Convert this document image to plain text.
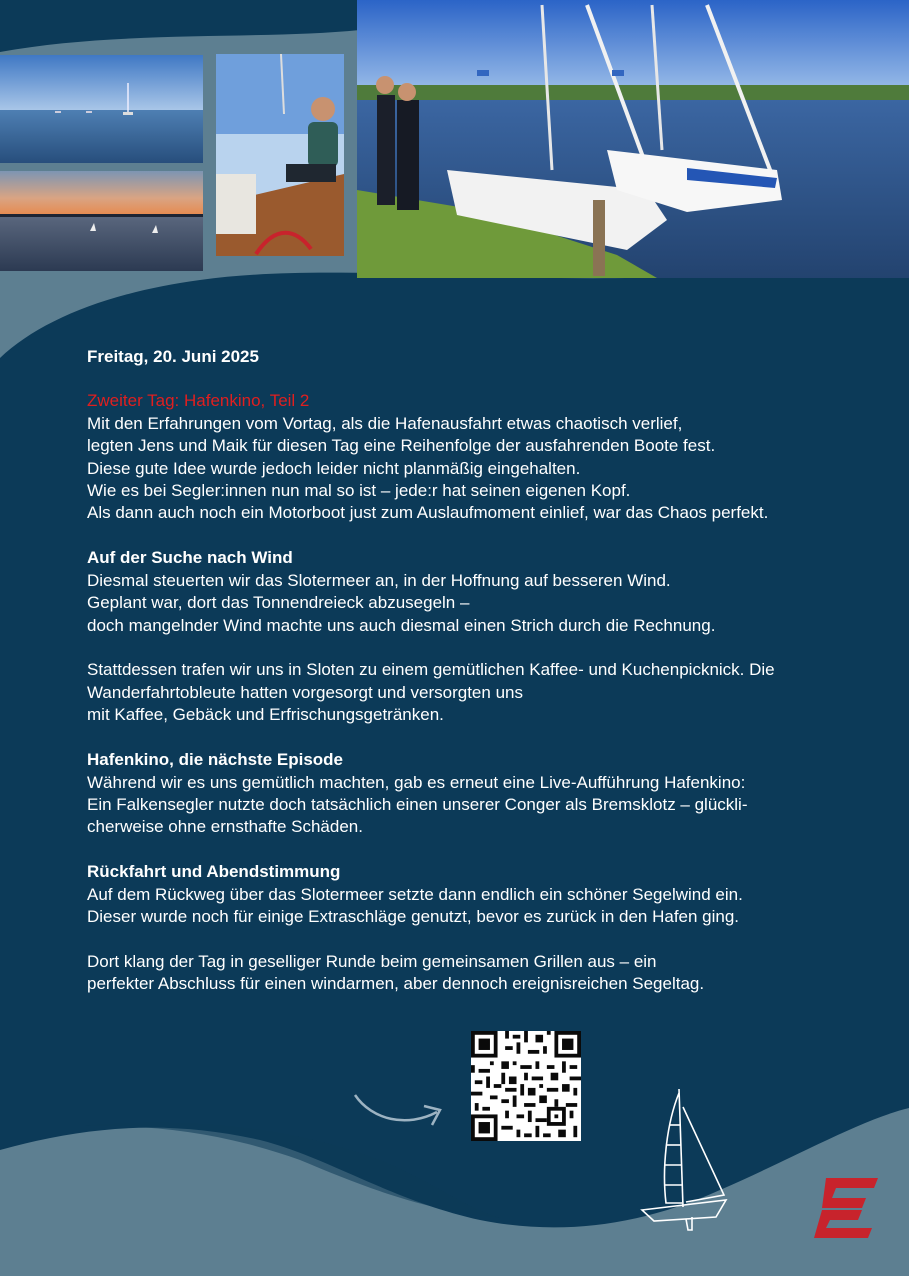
Freitag, 20. Juni 2025
Zweiter Tag: Hafenkino, Teil 2
Mit den Erfahrungen vom Vortag, als die Hafenausfahrt etwas chaotisch verlief,
legten Jens und Maik für diesen Tag eine Reihenfolge der ausfahrenden Boote fest.
Diese gute Idee wurde jedoch leider nicht planmäßig eingehalten.
Wie es bei Segler:innen nun mal so ist – jede:r hat seinen eigenen Kopf.
Als dann auch noch ein Motorboot just zum Auslaufmoment einlief, war das Chaos perfekt.
Auf der Suche nach Wind
Diesmal steuerten wir das Slotermeer an, in der Hoffnung auf besseren Wind.
Geplant war, dort das Tonnendreieck abzusegeln –
doch mangelnder Wind machte uns auch diesmal einen Strich durch die Rechnung.
Stattdessen trafen wir uns in Sloten zu einem gemütlichen Kaffee- und Kuchenpicknick. Die
Wanderfahrtobleute hatten vorgesorgt und versorgten uns
mit Kaffee, Gebäck und Erfrischungsgetränken.
Hafenkino, die nächste Episode
Während wir es uns gemütlich machten, gab es erneut eine Live-Aufführung Hafenkino:
Ein Falkensegler nutzte doch tatsächlich einen unserer Conger als Bremsklotz – glückli-
cherweise ohne ernsthafte Schäden.
Rückfahrt und Abendstimmung
Auf dem Rückweg über das Slotermeer setzte dann endlich ein schöner Segelwind ein.
Dieser wurde noch für einige Extraschläge genutzt, bevor es zurück in den Hafen ging.
Dort klang der Tag in geselliger Runde beim gemeinsamen Grillen aus – ein
perfekter Abschluss für einen windarmen, aber dennoch ereignisreichen Segeltag.
